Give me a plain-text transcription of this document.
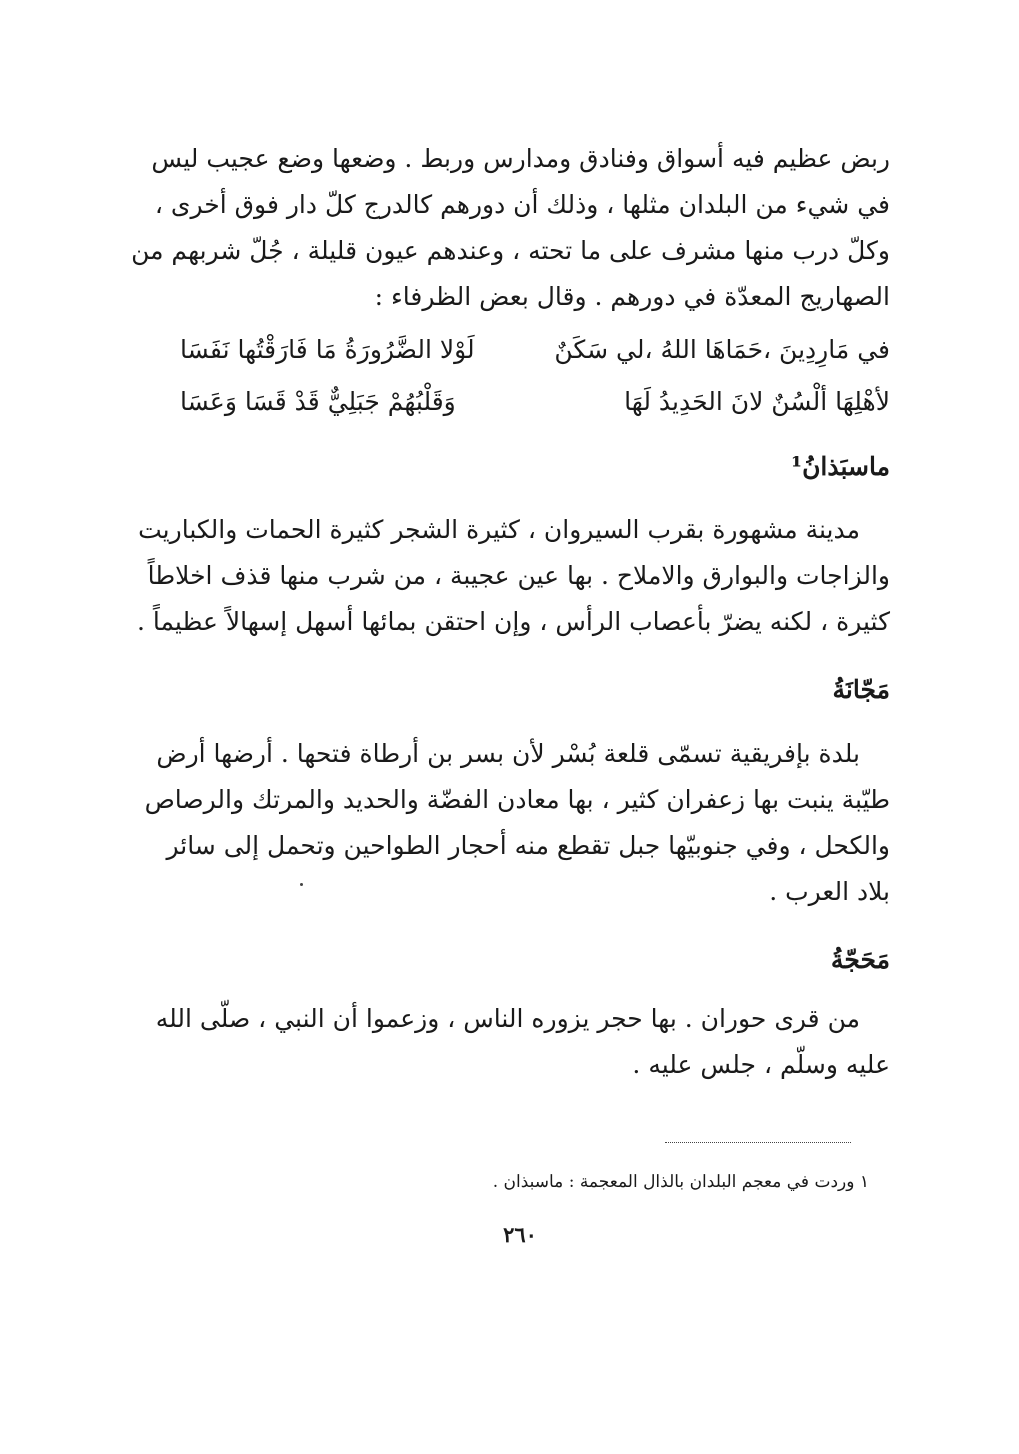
ربض عظيم فيه أسواق وفنادق ومدارس وربط . وضعها وضع عجيب ليس
في شيء من البلدان مثلها ، وذلك أن دورهم كالدرج كلّ دار فوق أخرى ،
وكلّ درب منها مشرف على ما تحته ، وعندهم عيون قليلة ، جُلّ شربهم من
الصهاريج المعدّة في دورهم . وقال بعض الظرفاء :
في مَارِدِينَ ،حَمَاهَا اللهُ ،لي سَكَنٌ
لَوْلا الضَّرُورَةُ مَا فَارَقْتُها نَفَسَا
لأهْلِهَا ألْسُنٌ لانَ الحَدِيدُ لَهَا
وَقَلْبُهُمْ جَبَلِيٌّ قَدْ قَسَا وَعَسَا
ماسبَذانُ¹
مدينة مشهورة بقرب السيروان ، كثيرة الشجر كثيرة الحمات والكباريت
والزاجات والبوارق والاملاح . بها عين عجيبة ، من شرب منها قذف اخلاطاً
كثيرة ، لكنه يضرّ بأعصاب الرأس ، وإن احتقن بمائها أسهل إسهالاً عظيماً .
مَجّانَةُ
بلدة بإفريقية تسمّى قلعة بُسْر لأن بسر بن أرطاة فتحها . أرضها أرض
طيّبة ينبت بها زعفران كثير ، بها معادن الفضّة والحديد والمرتك والرصاص
والكحل ، وفي جنوبيّها جبل تقطع منه أحجار الطواحين وتحمل إلى سائر
بلاد العرب .
مَحَجّةُ
من قرى حوران . بها حجر يزوره الناس ، وزعموا أن النبي ، صلّى الله
عليه وسلّم ، جلس عليه .
١ وردت في معجم البلدان بالذال المعجمة : ماسبذان .
٢٦٠
